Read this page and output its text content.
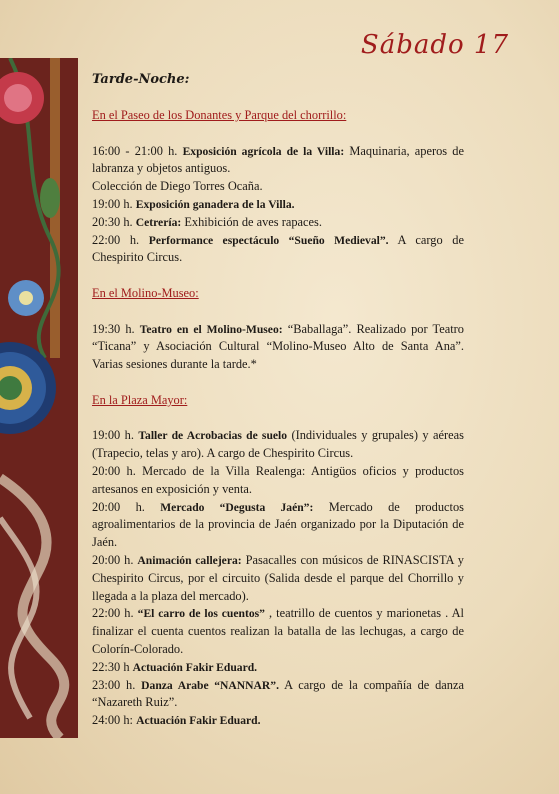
Sábado 17
Tarde-Noche:

En el Paseo de los Donantes y Parque del chorrillo:

16:00 - 21:00 h. Exposición agrícola de la Villa: Maquinaria, aperos de labranza y objetos antiguos.

Colección de Diego Torres Ocaña.

19:00 h. Exposición ganadera de la Villa.

20:30 h. Cetrería: Exhibición de aves rapaces.

22:00 h. Performance espectáculo “Sueño Medieval”. A cargo de Chespirito Circus.

En el Molino-Museo:

19:30 h. Teatro en el Molino-Museo: “Baballaga”. Realizado por Teatro “Ticana” y Asociación Cultural “Molino-Museo Alto de Santa Ana”. Varias sesiones durante la tarde.*

En la Plaza Mayor:

19:00 h. Taller de Acrobacias de suelo (Individuales y grupales) y aéreas (Trapecio, telas y aro). A cargo de Chespirito Circus.

20:00 h. Mercado de la Villa Realenga: Antigüos oficios y productos artesanos en exposición y venta.

20:00 h. Mercado “Degusta Jaén”: Mercado de productos agroalimentarios de la provincia de Jaén organizado por la Diputación de Jaén.

20:00 h. Animación callejera: Pasacalles con músicos de RINASCISTA y Chespirito Circus, por el circuito (Salida desde el parque del Chorrillo y llegada a la plaza del mercado).

22:00 h. “El carro de los cuentos” , teatrillo de cuentos y marionetas . Al finalizar el cuenta cuentos realizan la batalla de las lechugas, a cargo de Colorín-Colorado.

22:30 h Actuación Fakir Eduard.

23:00 h. Danza Arabe “NANNAR”. A cargo de la compañía de danza “Nazareth Ruiz”.

24:00 h: Actuación Fakir Eduard.
